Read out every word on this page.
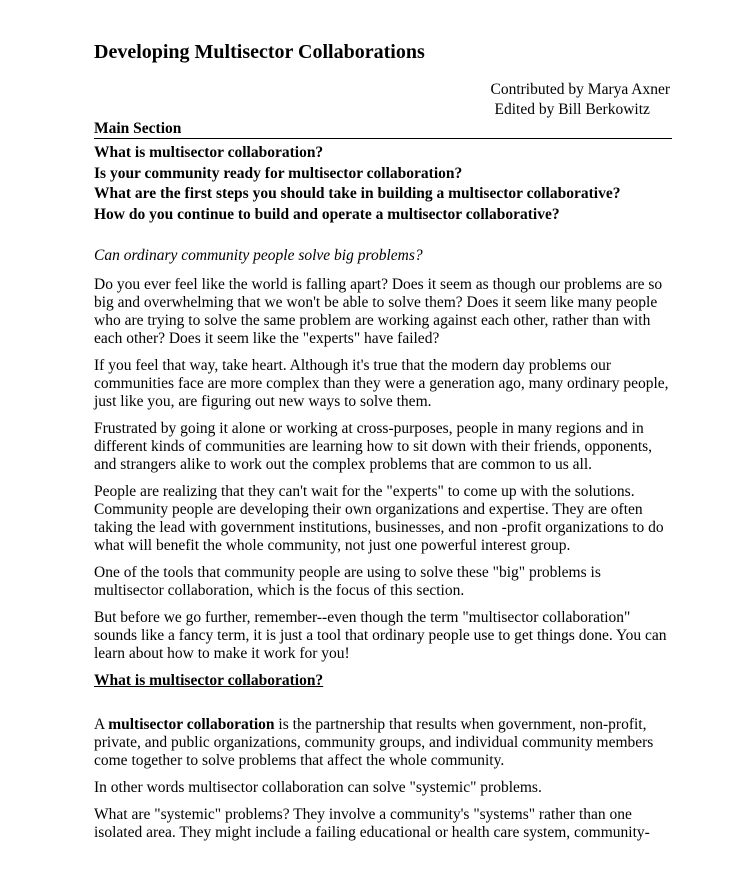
Developing Multisector Collaborations
Contributed by Marya Axner
Edited by Bill Berkowitz
Main Section
What is multisector collaboration?
Is your community ready for multisector collaboration?
What are the first steps you should take in building a multisector collaborative?
How do you continue to build and operate a multisector collaborative?

Can ordinary community people solve big problems?

Do you ever feel like the world is falling apart? Does it seem as though our problems are so big and overwhelming that we won't be able to solve them? Does it seem like many people who are trying to solve the same problem are working against each other, rather than with each other? Does it seem like the "experts" have failed?

If you feel that way, take heart. Although it's true that the modern day problems our communities face are more complex than they were a generation ago, many ordinary people, just like you, are figuring out new ways to solve them.

Frustrated by going it alone or working at cross-purposes, people in many regions and in different kinds of communities are learning how to sit down with their friends, opponents, and strangers alike to work out the complex problems that are common to us all.

People are realizing that they can't wait for the "experts" to come up with the solutions. Community people are developing their own organizations and expertise. They are often taking the lead with government institutions, businesses, and non -profit organizations to do what will benefit the whole community, not just one powerful interest group.

One of the tools that community people are using to solve these "big" problems is multisector collaboration, which is the focus of this section.

But before we go further, remember--even though the term "multisector collaboration" sounds like a fancy term, it is just a tool that ordinary people use to get things done. You can learn about how to make it work for you!

What is multisector collaboration?

A multisector collaboration is the partnership that results when government, non-profit, private, and public organizations, community groups, and individual community members come together to solve problems that affect the whole community.

In other words multisector collaboration can solve "systemic" problems.

What are "systemic" problems? They involve a community's "systems" rather than one isolated area. They might include a failing educational or health care system, community-
